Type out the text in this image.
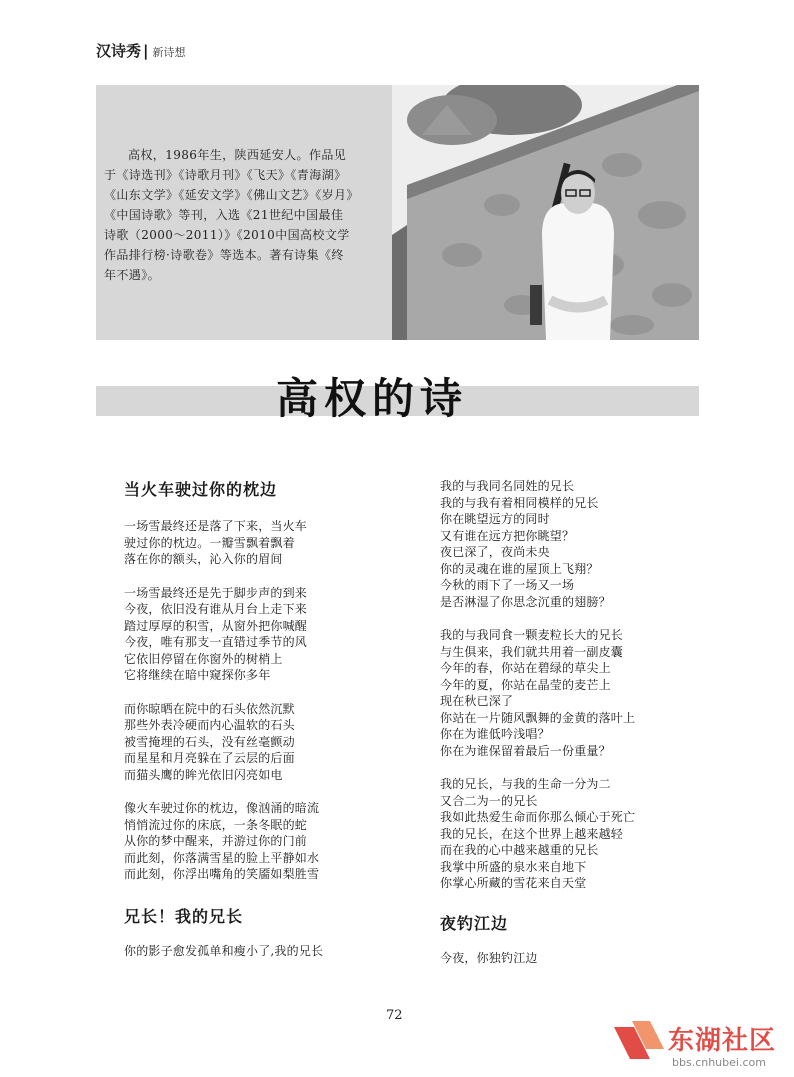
汉诗秀 | 新诗想

高权，1986年生，陕西延安人。作品见于《诗选刊》《诗歌月刊》《飞天》《青海湖》《山东文学》《延安文学》《佛山文艺》《岁月》《中国诗歌》等刊，入选《21世纪中国最佳诗歌（2000～2011）》《2010中国高校文学作品排行榜·诗歌卷》等选本。著有诗集《终年不遇》。

高权的诗
当火车驶过你的枕边
一场雪最终还是落了下来，当火车
驶过你的枕边。一瓣雪飘着飘着
落在你的额头，沁入你的眉间
一场雪最终还是先于脚步声的到来
今夜，依旧没有谁从月台上走下来
踏过厚厚的积雪，从窗外把你喊醒
今夜，唯有那支一直错过季节的风
它依旧停留在你窗外的树梢上
它将继续在暗中窥探你多年
而你晾晒在院中的石头依然沉默
那些外表冷硬而内心温软的石头
被雪掩埋的石头，没有丝毫颤动
而星星和月亮躲在了云层的后面
而猫头鹰的眸光依旧闪亮如电
像火车驶过你的枕边，像汹涌的暗流
悄悄流过你的床底，一条冬眠的蛇
从你的梦中醒来，并游过你的门前
而此刻，你落满雪星的脸上平静如水
而此刻，你浮出嘴角的笑靥如梨胜雪
兄长！我的兄长
你的影子愈发孤单和瘦小了,我的兄长
我的与我同名同姓的兄长
我的与我有着相同模样的兄长
你在眺望远方的同时
又有谁在远方把你眺望？
夜已深了，夜尚未央
你的灵魂在谁的屋顶上飞翔？
今秋的雨下了一场又一场
是否淋湿了你思念沉重的翅膀？
我的与我同食一颗麦粒长大的兄长
与生俱来，我们就共用着一副皮囊
今年的春，你站在碧绿的草尖上
今年的夏，你站在晶莹的麦芒上
现在秋已深了
你站在一片随风飘舞的金黄的落叶上
你在为谁低吟浅唱？
你在为谁保留着最后一份重量？
我的兄长，与我的生命一分为二
又合二为一的兄长
我如此热爱生命而你那么倾心于死亡
我的兄长，在这个世界上越来越轻
而在我的心中越来越重的兄长
我掌中所盛的泉水来自地下
你掌心所藏的雪花来自天堂
夜钓江边
今夜，你独钓江边
72
东湖社区
bbs.cnhubei.com
